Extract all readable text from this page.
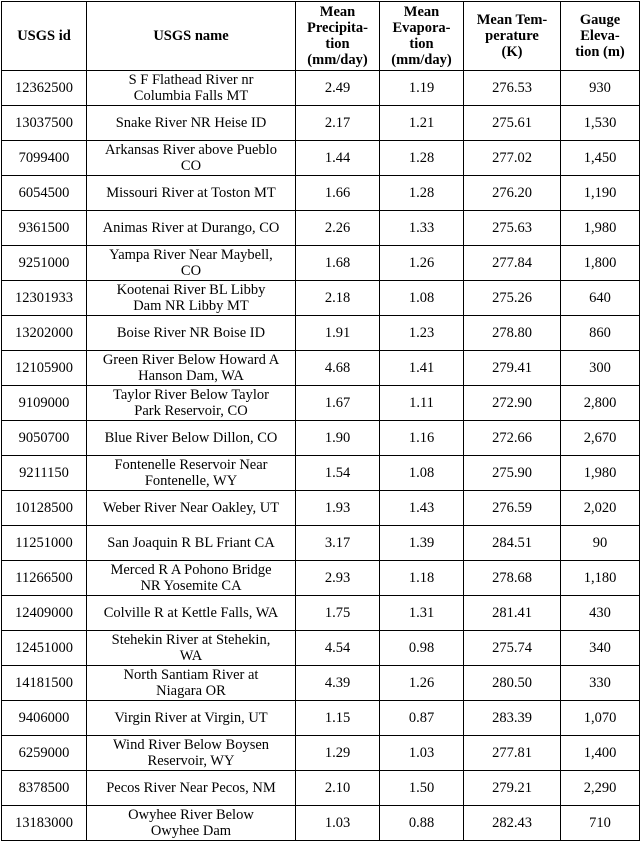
USGS id	USGS name	Mean
Precipita-
tion
(mm/day)	Mean
Evapora-
tion
(mm/day)	Mean Tem-
perature
(K)	Gauge
Eleva-
tion (m)
12362500	S F Flathead River nr
Columbia Falls MT	2.49	1.19	276.53	930
13037500	Snake River NR Heise ID	2.17	1.21	275.61	1,530
7099400	Arkansas River above Pueblo
CO	1.44	1.28	277.02	1,450
6054500	Missouri River at Toston MT	1.66	1.28	276.20	1,190
9361500	Animas River at Durango, CO	2.26	1.33	275.63	1,980
9251000	Yampa River Near Maybell,
CO	1.68	1.26	277.84	1,800
12301933	Kootenai River BL Libby
Dam NR Libby MT	2.18	1.08	275.26	640
13202000	Boise River NR Boise ID	1.91	1.23	278.80	860
12105900	Green River Below Howard A
Hanson Dam, WA	4.68	1.41	279.41	300
9109000	Taylor River Below Taylor
Park Reservoir, CO	1.67	1.11	272.90	2,800
9050700	Blue River Below Dillon, CO	1.90	1.16	272.66	2,670
9211150	Fontenelle Reservoir Near
Fontenelle, WY	1.54	1.08	275.90	1,980
10128500	Weber River Near Oakley, UT	1.93	1.43	276.59	2,020
11251000	San Joaquin R BL Friant CA	3.17	1.39	284.51	90
11266500	Merced R A Pohono Bridge
NR Yosemite CA	2.93	1.18	278.68	1,180
12409000	Colville R at Kettle Falls, WA	1.75	1.31	281.41	430
12451000	Stehekin River at Stehekin,
WA	4.54	0.98	275.74	340
14181500	North Santiam River at
Niagara OR	4.39	1.26	280.50	330
9406000	Virgin River at Virgin, UT	1.15	0.87	283.39	1,070
6259000	Wind River Below Boysen
Reservoir, WY	1.29	1.03	277.81	1,400
8378500	Pecos River Near Pecos, NM	2.10	1.50	279.21	2,290
13183000	Owyhee River Below
Owyhee Dam	1.03	0.88	282.43	710
